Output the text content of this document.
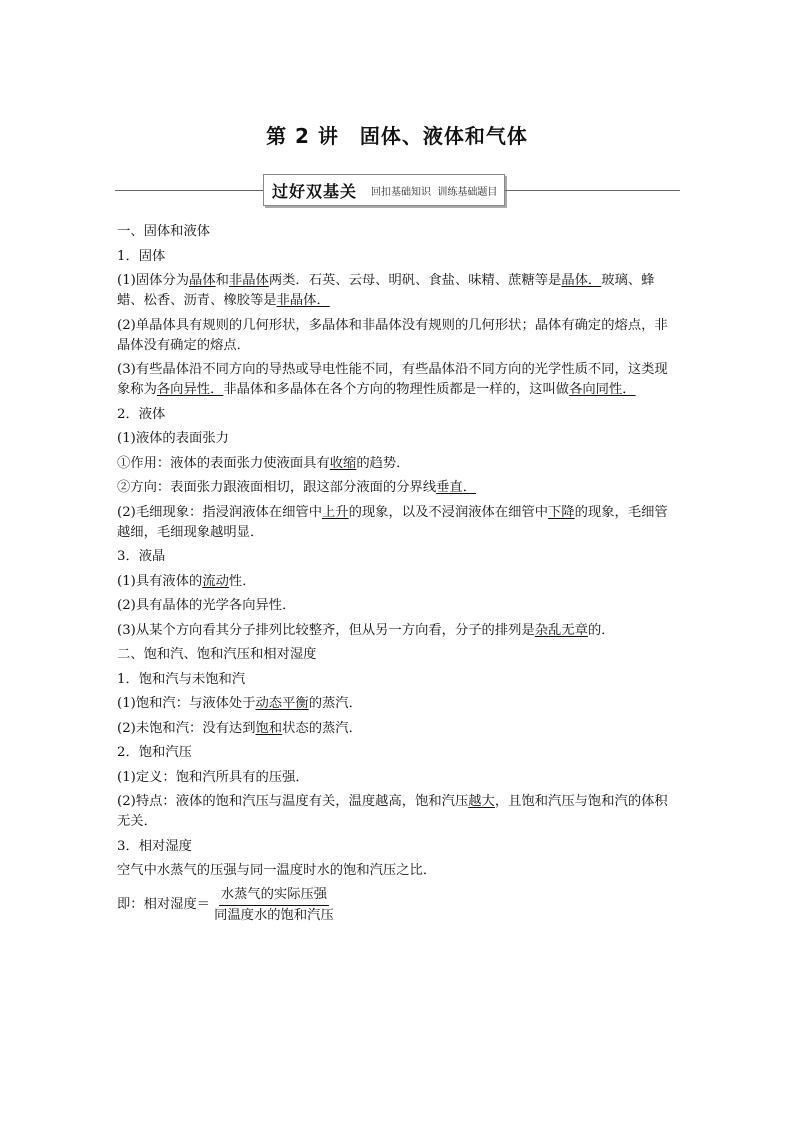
第 2 讲　固体、液体和气体
过好双基关 回扣基础知识  训练基础题目
一、固体和液体
1．固体
(1)固体分为晶体和非晶体两类．石英、云母、明矾、食盐、味精、蔗糖等是晶体．玻璃、蜂蜡、松香、沥青、橡胶等是非晶体．
(2)单晶体具有规则的几何形状，多晶体和非晶体没有规则的几何形状；晶体有确定的熔点，非晶体没有确定的熔点．
(3)有些晶体沿不同方向的导热或导电性能不同，有些晶体沿不同方向的光学性质不同，这类现象称为各向异性．非晶体和多晶体在各个方向的物理性质都是一样的，这叫做各向同性．
2．液体
(1)液体的表面张力
①作用：液体的表面张力使液面具有收缩的趋势．
②方向：表面张力跟液面相切，跟这部分液面的分界线垂直．
(2)毛细现象：指浸润液体在细管中上升的现象，以及不浸润液体在细管中下降的现象，毛细管越细，毛细现象越明显．
3．液晶
(1)具有液体的流动性．
(2)具有晶体的光学各向异性．
(3)从某个方向看其分子排列比较整齐，但从另一方向看，分子的排列是杂乱无章的．
二、饱和汽、饱和汽压和相对湿度
1．饱和汽与未饱和汽
(1)饱和汽：与液体处于动态平衡的蒸汽．
(2)未饱和汽：没有达到饱和状态的蒸汽．
2．饱和汽压
(1)定义：饱和汽所具有的压强．
(2)特点：液体的饱和汽压与温度有关，温度越高，饱和汽压越大，且饱和汽压与饱和汽的体积无关．
3．相对湿度
空气中水蒸气的压强与同一温度时水的饱和汽压之比．
即：相对湿度＝ $\frac{\text{水蒸气的实际压强}}{\text{同温度水的饱和汽压}}$
